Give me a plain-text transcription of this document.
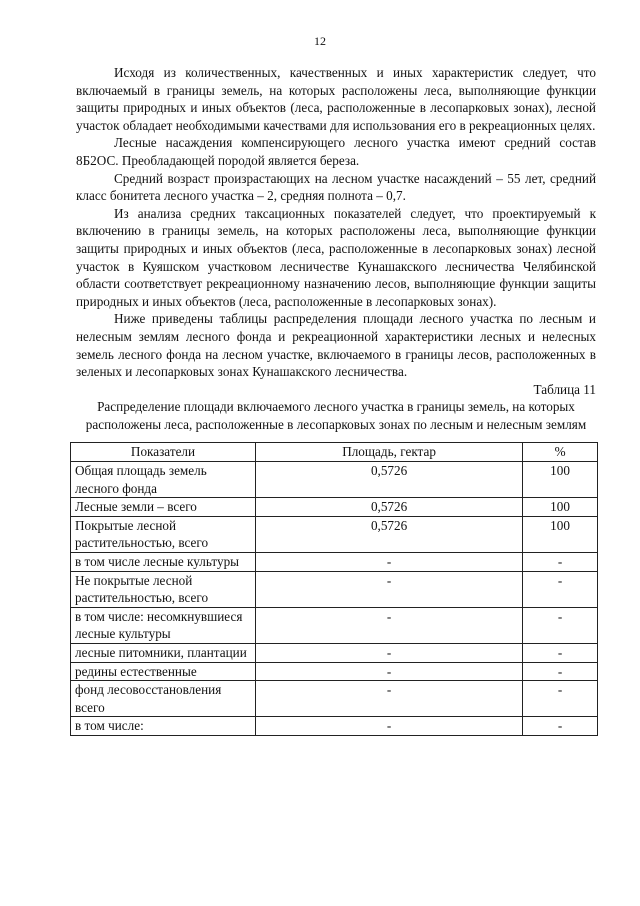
12

Исходя из количественных, качественных и иных характеристик следует, что включаемый в границы земель, на которых расположены леса, выполняющие функции защиты природных и иных объектов (леса, расположенные в лесопарковых зонах), лесной участок обладает необходимыми качествами для использования его в рекреационных целях.

Лесные насаждения компенсирующего лесного участка имеют средний состав 8Б2ОС. Преобладающей породой является береза.

Средний возраст произрастающих на лесном участке насаждений – 55 лет, средний класс бонитета лесного участка – 2, средняя полнота – 0,7.

Из анализа средних таксационных показателей следует, что проектируемый к включению в границы земель, на которых расположены леса, выполняющие функции защиты природных и иных объектов (леса, расположенные в лесопарковых зонах) лесной участок в Куяшском участковом лесничестве Кунашакского лесничества Челябинской области соответствует рекреационному назначению лесов, выполняющие функции защиты природных и иных объектов (леса, расположенные в лесопарковых зонах).

Ниже приведены таблицы распределения площади лесного участка по лесным и нелесным землям лесного фонда и рекреационной характеристики лесных и нелесных земель лесного фонда на лесном участке, включаемого в границы лесов, расположенных в зеленых и лесопарковых зонах Кунашакского лесничества.

Таблица 11

Распределение площади включаемого лесного участка в границы земель, на которых расположены леса, расположенные в лесопарковых зонах по лесным и нелесным землям

Показатели	Площадь, гектар	%
Общая площадь земель лесного фонда	0,5726	100
Лесные земли – всего	0,5726	100
Покрытые лесной растительностью, всего	0,5726	100
в том числе лесные культуры	-	-
Не покрытые лесной растительностью, всего	-	-
в том числе: несомкнувшиеся лесные культуры	-	-
лесные питомники, плантации	-	-
редины естественные	-	-
фонд лесовосстановления всего	-	-
в том числе:	-	-
